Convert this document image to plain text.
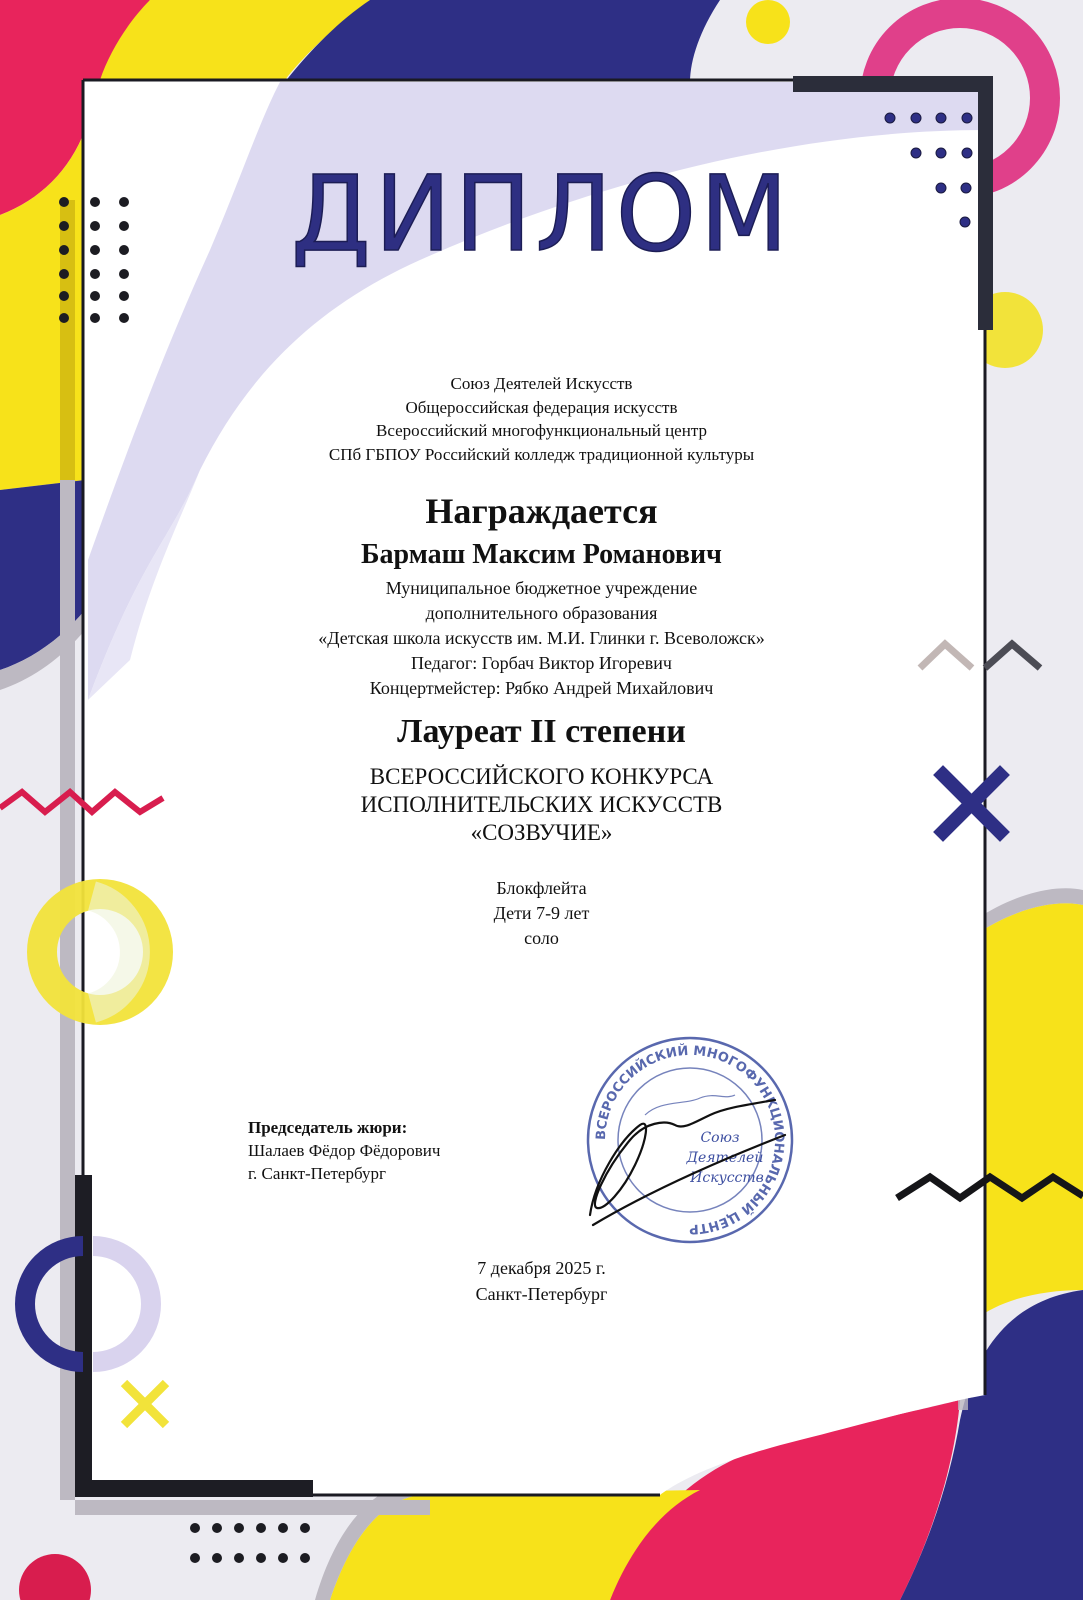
ДИПЛОМ
Союз Деятелей Искусств
Общероссийская федерация искусств
Всероссийский многофункциональный центр
СПб ГБПОУ Российский колледж традиционной культуры
Награждается
Бармаш Максим Романович
Муниципальное бюджетное учреждение
дополнительного образования
«Детская школа искусств им. М.И. Глинки г. Всеволожск»
Педагог: Горбач Виктор Игоревич
Концертмейстер: Рябко Андрей Михайлович
Лауреат II степени
ВСЕРОССИЙСКОГО КОНКУРСА
ИСПОЛНИТЕЛЬСКИХ ИСКУССТВ
«СОЗВУЧИЕ»
Блокфлейта
Дети 7-9 лет
соло
Председатель жюри:
Шалаев Фёдор Фёдорович
г. Санкт-Петербург
ВСЕРОССИЙСКИЙ МНОГОФУНКЦИОНАЛЬНЫЙ ЦЕНТР
Союз
Деятелей
Искусств
7 декабря 2025 г.
Санкт-Петербург
